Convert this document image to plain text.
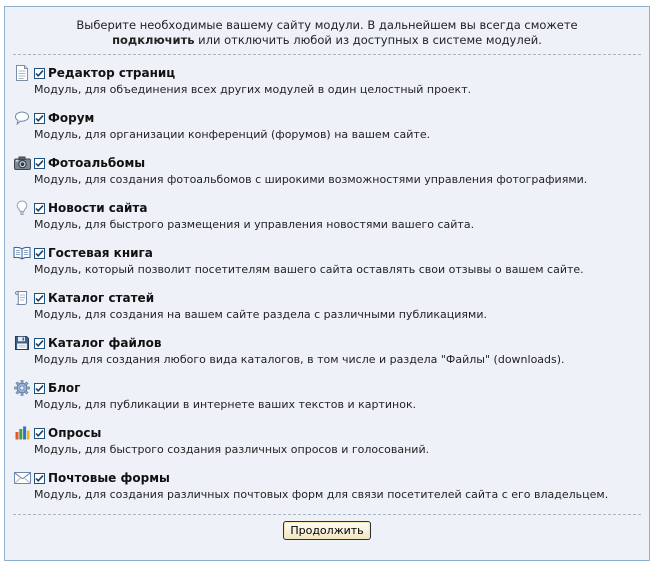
Выберите необходимые вашему сайту модули. В дальнейшем вы всегда сможете подключить или отключить любой из доступных в системе модулей.
Редактор страниц
Модуль, для объединения всех других модулей в один целостный проект.
Форум
Модуль, для организации конференций (форумов) на вашем сайте.
Фотоальбомы
Модуль, для создания фотоальбомов с широкими возможностями управления фотографиями.
Новости сайта
Модуль, для быстрого размещения и управления новостями вашего сайта.
Гостевая книга
Модуль, который позволит посетителям вашего сайта оставлять свои отзывы о вашем сайте.
Каталог статей
Модуль, для создания на вашем сайте раздела с различными публикациями.
Каталог файлов
Модуль для создания любого вида каталогов, в том числе и раздела "Файлы" (downloads).
Блог
Модуль, для публикации в интернете ваших текстов и картинок.
Опросы
Модуль, для быстрого создания различных опросов и голосований.
Почтовые формы
Модуль, для создания различных почтовых форм для связи посетителей сайта с его владельцем.
Продолжить
